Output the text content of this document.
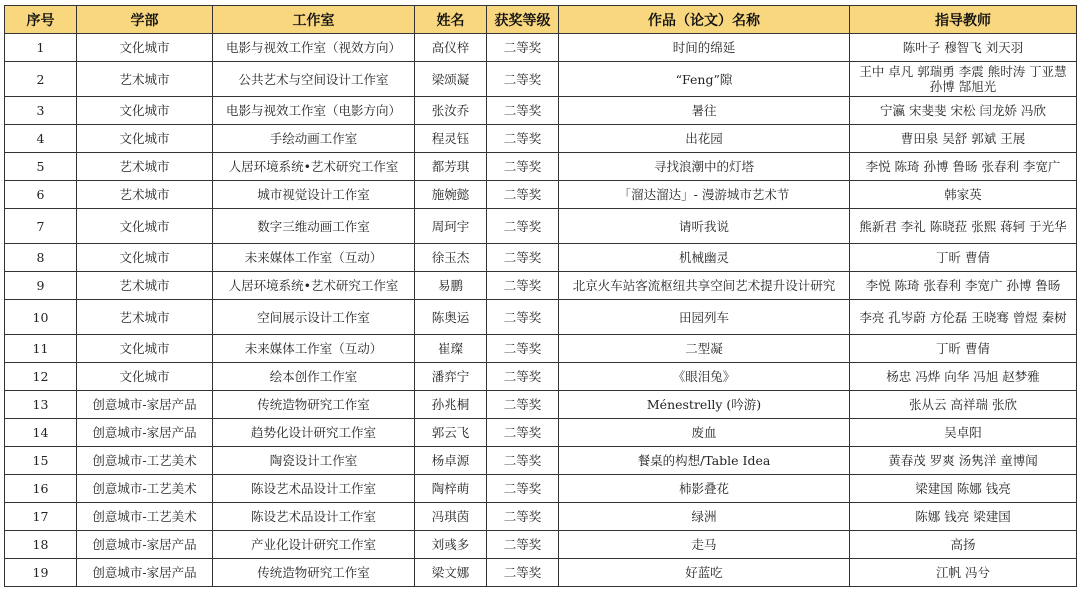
序号	学部	工作室	姓名	获奖等级	作品（论文）名称	指导教师
1	文化城市	电影与视效工作室（视效方向）	高仪梓	二等奖	时间的绵延	陈叶子 穆智飞 刘天羽
2	艺术城市	公共艺术与空间设计工作室	梁颂凝	二等奖	“Feng”隙	王中 卓凡 郭瑞勇 李震 熊时涛 丁亚慧 孙博 郜旭光
3	文化城市	电影与视效工作室（电影方向）	张汝乔	二等奖	暑往	宁瀛 宋斐斐 宋松 闫龙娇 冯欣
4	文化城市	手绘动画工作室	程灵钰	二等奖	出花园	曹田泉 吴舒 郭斌 王展
5	艺术城市	人居环境系统•艺术研究工作室	都芳琪	二等奖	寻找浪潮中的灯塔	李悦 陈琦 孙博 鲁旸 张春利 李宽广
6	艺术城市	城市视觉设计工作室	施婉懿	二等奖	「溜达溜达」- 漫游城市艺术节	韩家英
7	文化城市	数字三维动画工作室	周珂宇	二等奖	请听我说	熊新君 李礼 陈晓菈 张熙 蒋轲 于光华
8	文化城市	未来媒体工作室（互动）	徐玉杰	二等奖	机械幽灵	丁昕 曹倩
9	艺术城市	人居环境系统•艺术研究工作室	易鹏	二等奖	北京火车站客流枢纽共享空间艺术提升设计研究	李悦 陈琦 张春利 李宽广 孙博 鲁旸
10	艺术城市	空间展示设计工作室	陈奥运	二等奖	田园列车	李亮 孔岑蔚 方伦磊 王晓骞 曾煜 秦树
11	文化城市	未来媒体工作室（互动）	崔璨	二等奖	二型凝	丁昕 曹倩
12	文化城市	绘本创作工作室	潘弈宁	二等奖	《眼泪兔》	杨忠 冯烨 向华 冯旭 赵梦雅
13	创意城市-家居产品	传统造物研究工作室	孙兆桐	二等奖	Ménestrelly (吟游)	张从云 高祥瑞 张欣
14	创意城市-家居产品	趋势化设计研究工作室	郭云飞	二等奖	废血	吴卓阳
15	创意城市-工艺美术	陶瓷设计工作室	杨卓源	二等奖	餐桌的构想/Table Idea	黄春茂 罗爽 汤隽洋 童博闻
16	创意城市-工艺美术	陈设艺术品设计工作室	陶梓萌	二等奖	柿影叠花	梁建国 陈娜 钱亮
17	创意城市-工艺美术	陈设艺术品设计工作室	冯琪茵	二等奖	绿洲	陈娜 钱亮 梁建国
18	创意城市-家居产品	产业化设计研究工作室	刘彧多	二等奖	走马	高扬
19	创意城市-家居产品	传统造物研究工作室	梁文娜	二等奖	好蓝吃	江帆 冯兮
